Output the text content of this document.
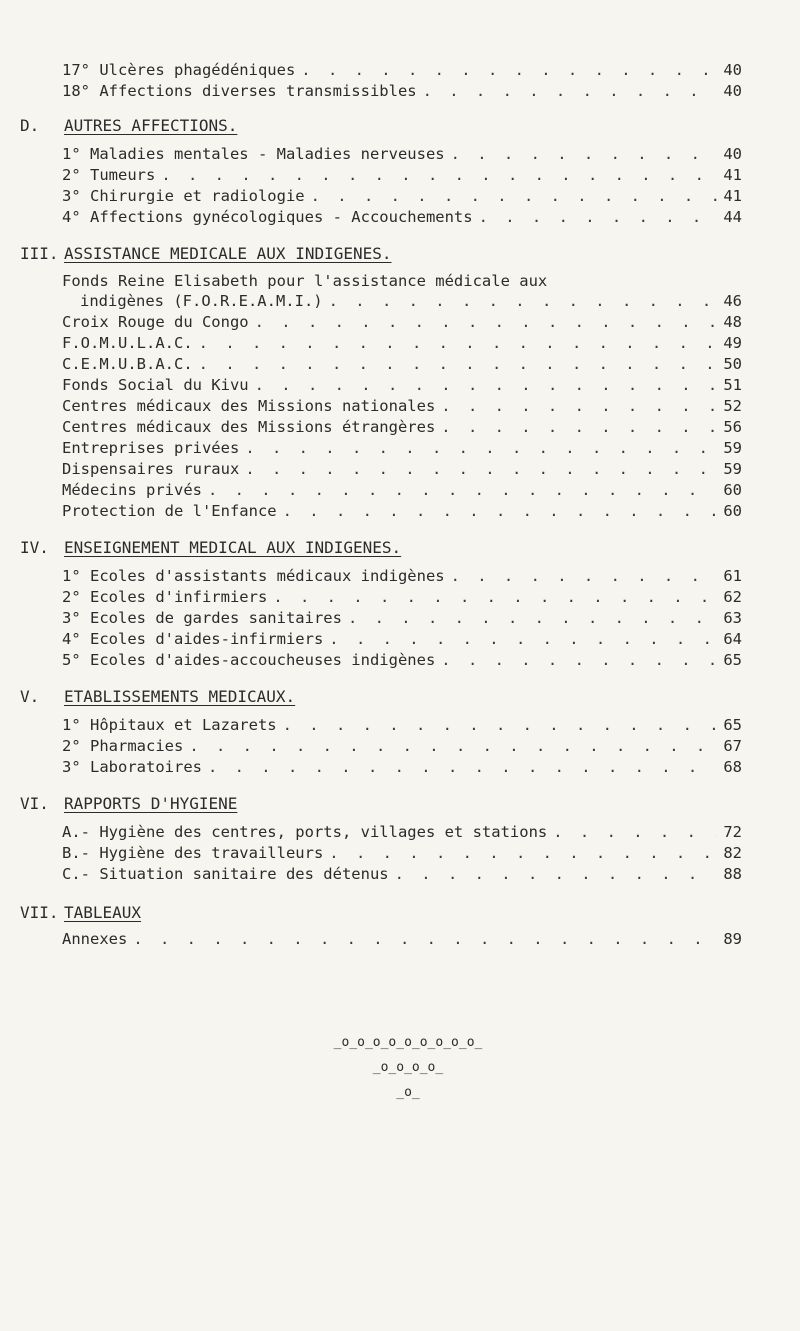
17° Ulcères phagédéniques . . .	40
18° Affections diverses transmissibles . . .	40
D. AUTRES AFFECTIONS.
1° Maladies mentales - Maladies nerveuses . . .	40
2° Tumeurs . . .	41
3° Chirurgie et radiologie . . .	41
4° Affections gynécologiques - Accouchements . . .	44
III. ASSISTANCE MEDICALE AUX INDIGENES.
Fonds Reine Elisabeth pour l'assistance médicale aux
indigènes (F.O.R.E.A.M.I.) . . .	46
Croix Rouge du Congo . . .	48
F.O.M.U.L.A.C. . . .	49
C.E.M.U.B.A.C. . . .	50
Fonds Social du Kivu . . .	51
Centres médicaux des Missions nationales . . .	52
Centres médicaux des Missions étrangères . . .	56
Entreprises privées . . .	59
Dispensaires ruraux . . .	59
Médecins privés . . .	60
Protection de l'Enfance . . .	60
IV. ENSEIGNEMENT MEDICAL AUX INDIGENES.
1° Ecoles d'assistants médicaux indigènes . . .	61
2° Ecoles d'infirmiers . . .	62
3° Ecoles de gardes sanitaires . . .	63
4° Ecoles d'aides-infirmiers . . .	64
5° Ecoles d'aides-accoucheuses indigènes . . .	65
V. ETABLISSEMENTS MEDICAUX.
1° Hôpitaux et Lazarets . . .	65
2° Pharmacies . . .	67
3° Laboratoires . . .	68
VI. RAPPORTS D'HYGIENE
A.- Hygiène des centres, ports, villages et stations . . .	72
B.- Hygiène des travailleurs . . .	82
C.- Situation sanitaire des détenus . . .	88
VII. TABLEAUX
Annexes . . .	89
_o_o_o_o_o_o_o_o_o_
_o_o_o_o_
_o_
